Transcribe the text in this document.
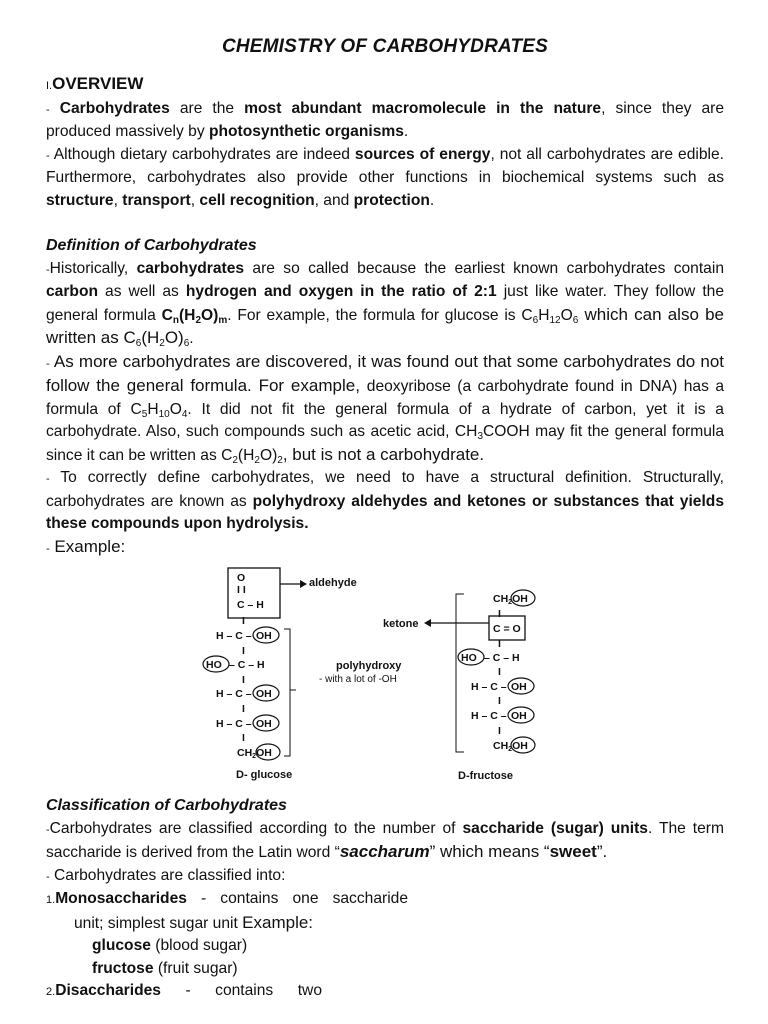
CHEMISTRY OF CARBOHYDRATES

I.OVERVIEW

- Carbohydrates are the most abundant macromolecule in the nature, since they are produced massively by photosynthetic organisms.

- Although dietary carbohydrates are indeed sources of energy, not all carbohydrates are edible. Furthermore, carbohydrates also provide other functions in biochemical systems such as structure, transport, cell recognition, and protection.

Definition of Carbohydrates

-Historically, carbohydrates are so called because the earliest known carbohydrates contain carbon as well as hydrogen and oxygen in the ratio of 2:1 just like water. They follow the general formula $C_n(H_2O)_m$. For example, the formula for glucose is $C_6H_{12}O_6$ which can also be written as $C_6(H_2O)_6$.

- As more carbohydrates are discovered, it was found out that some carbohydrates do not follow the general formula. For example, deoxyribose (a carbohydrate found in DNA) has a formula of $C_5H_{10}O_4$. It did not fit the general formula of a hydrate of carbon, yet it is a carbohydrate. Also, such compounds such as acetic acid, $CH_3COOH$ may fit the general formula since it can be written as $C_2(H_2O)_2$, but is not a carbohydrate.

- To correctly define carbohydrates, we need to have a structural definition. Structurally, carbohydrates are known as polyhydroxy aldehydes and ketones or substances that yields these compounds upon hydrolysis.

- Example:

O
I I
C – H
I
H – C – OH
I
HO – C – H
I
H – C – OH
I
H – C – OH
I
CH2OH
D- glucose
aldehyde
polyhydroxy
- with a lot of -OH
ketone
CH2OH
I
C = O
I
HO – C – H
I
H – C – OH
I
H – C – OH
I
CH2OH
D-fructose

Classification of Carbohydrates

-Carbohydrates are classified according to the number of saccharide (sugar) units. The term saccharide is derived from the Latin word “saccharum” which means “sweet”.

- Carbohydrates are classified into:

1.Monosaccharides - contains one saccharide

unit; simplest sugar unit Example:

glucose (blood sugar)

fructose (fruit sugar)

2.Disaccharides - contains two
